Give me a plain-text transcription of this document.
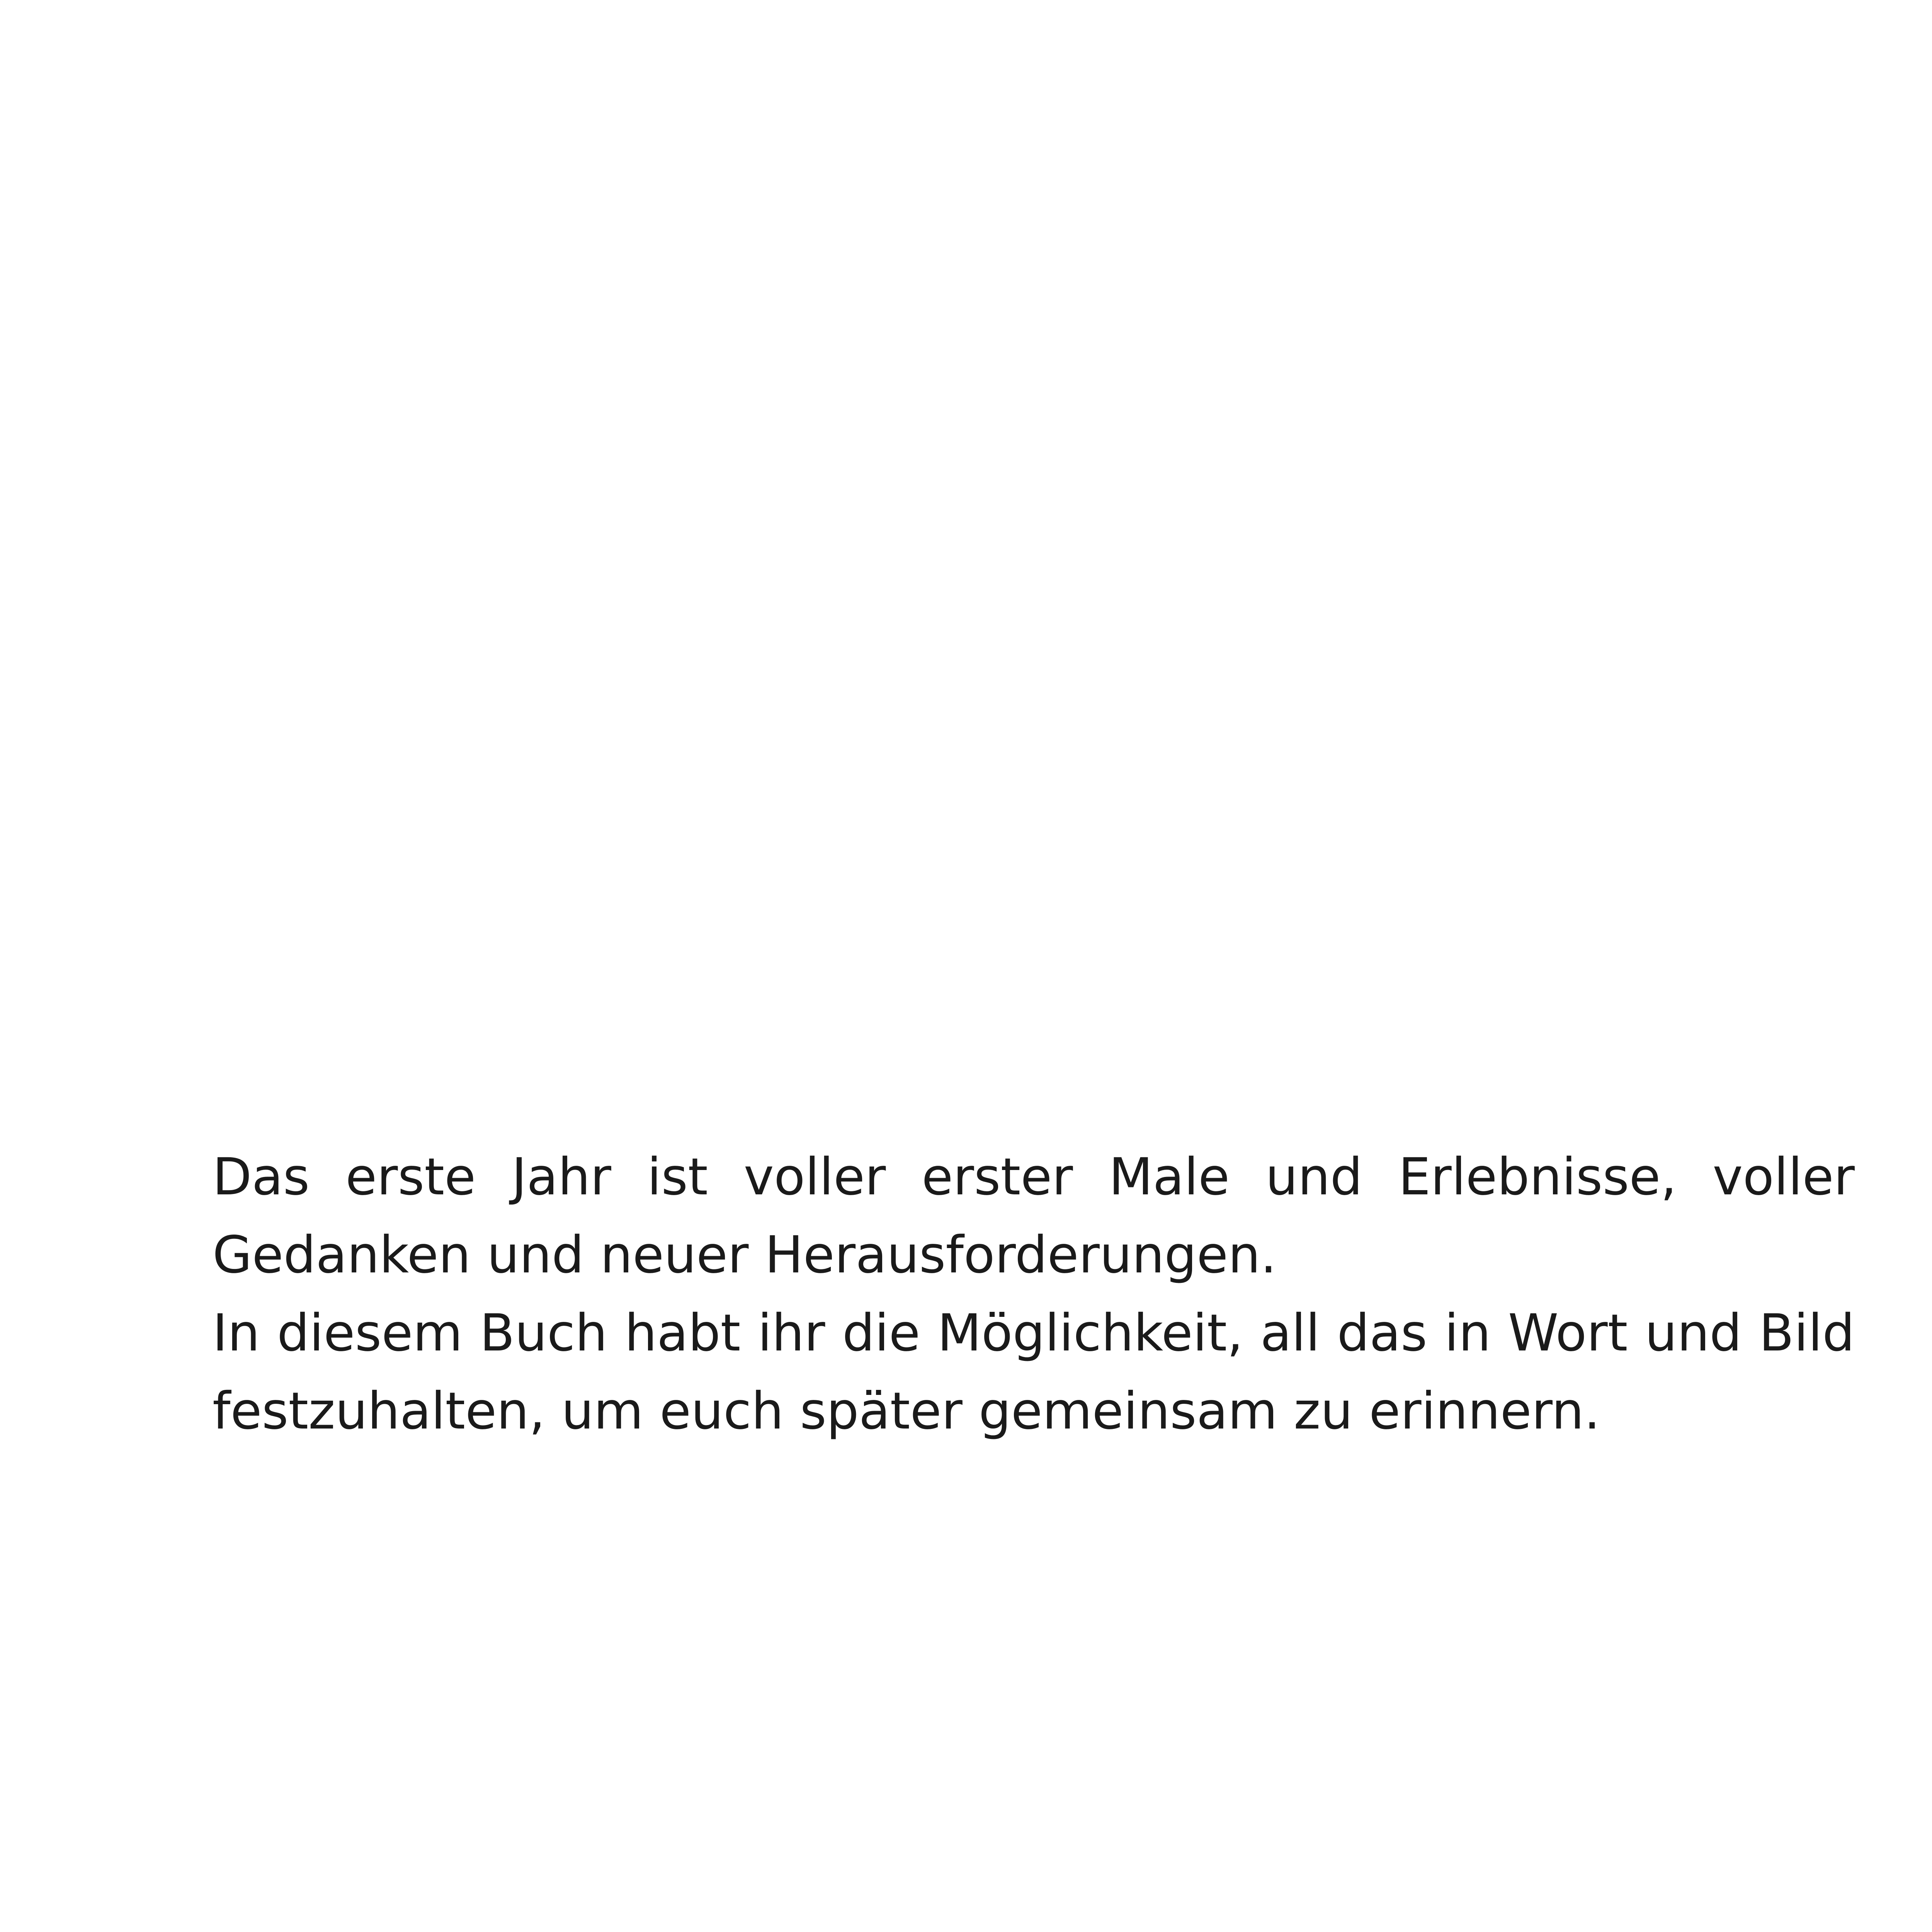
Das erste Jahr ist voller erster Male und Erlebnisse, voller Gedanken und neuer Herausforderungen.

In diesem Buch habt ihr die Möglichkeit, all das in Wort und Bild festzuhalten, um euch später gemeinsam zu erinnern.
